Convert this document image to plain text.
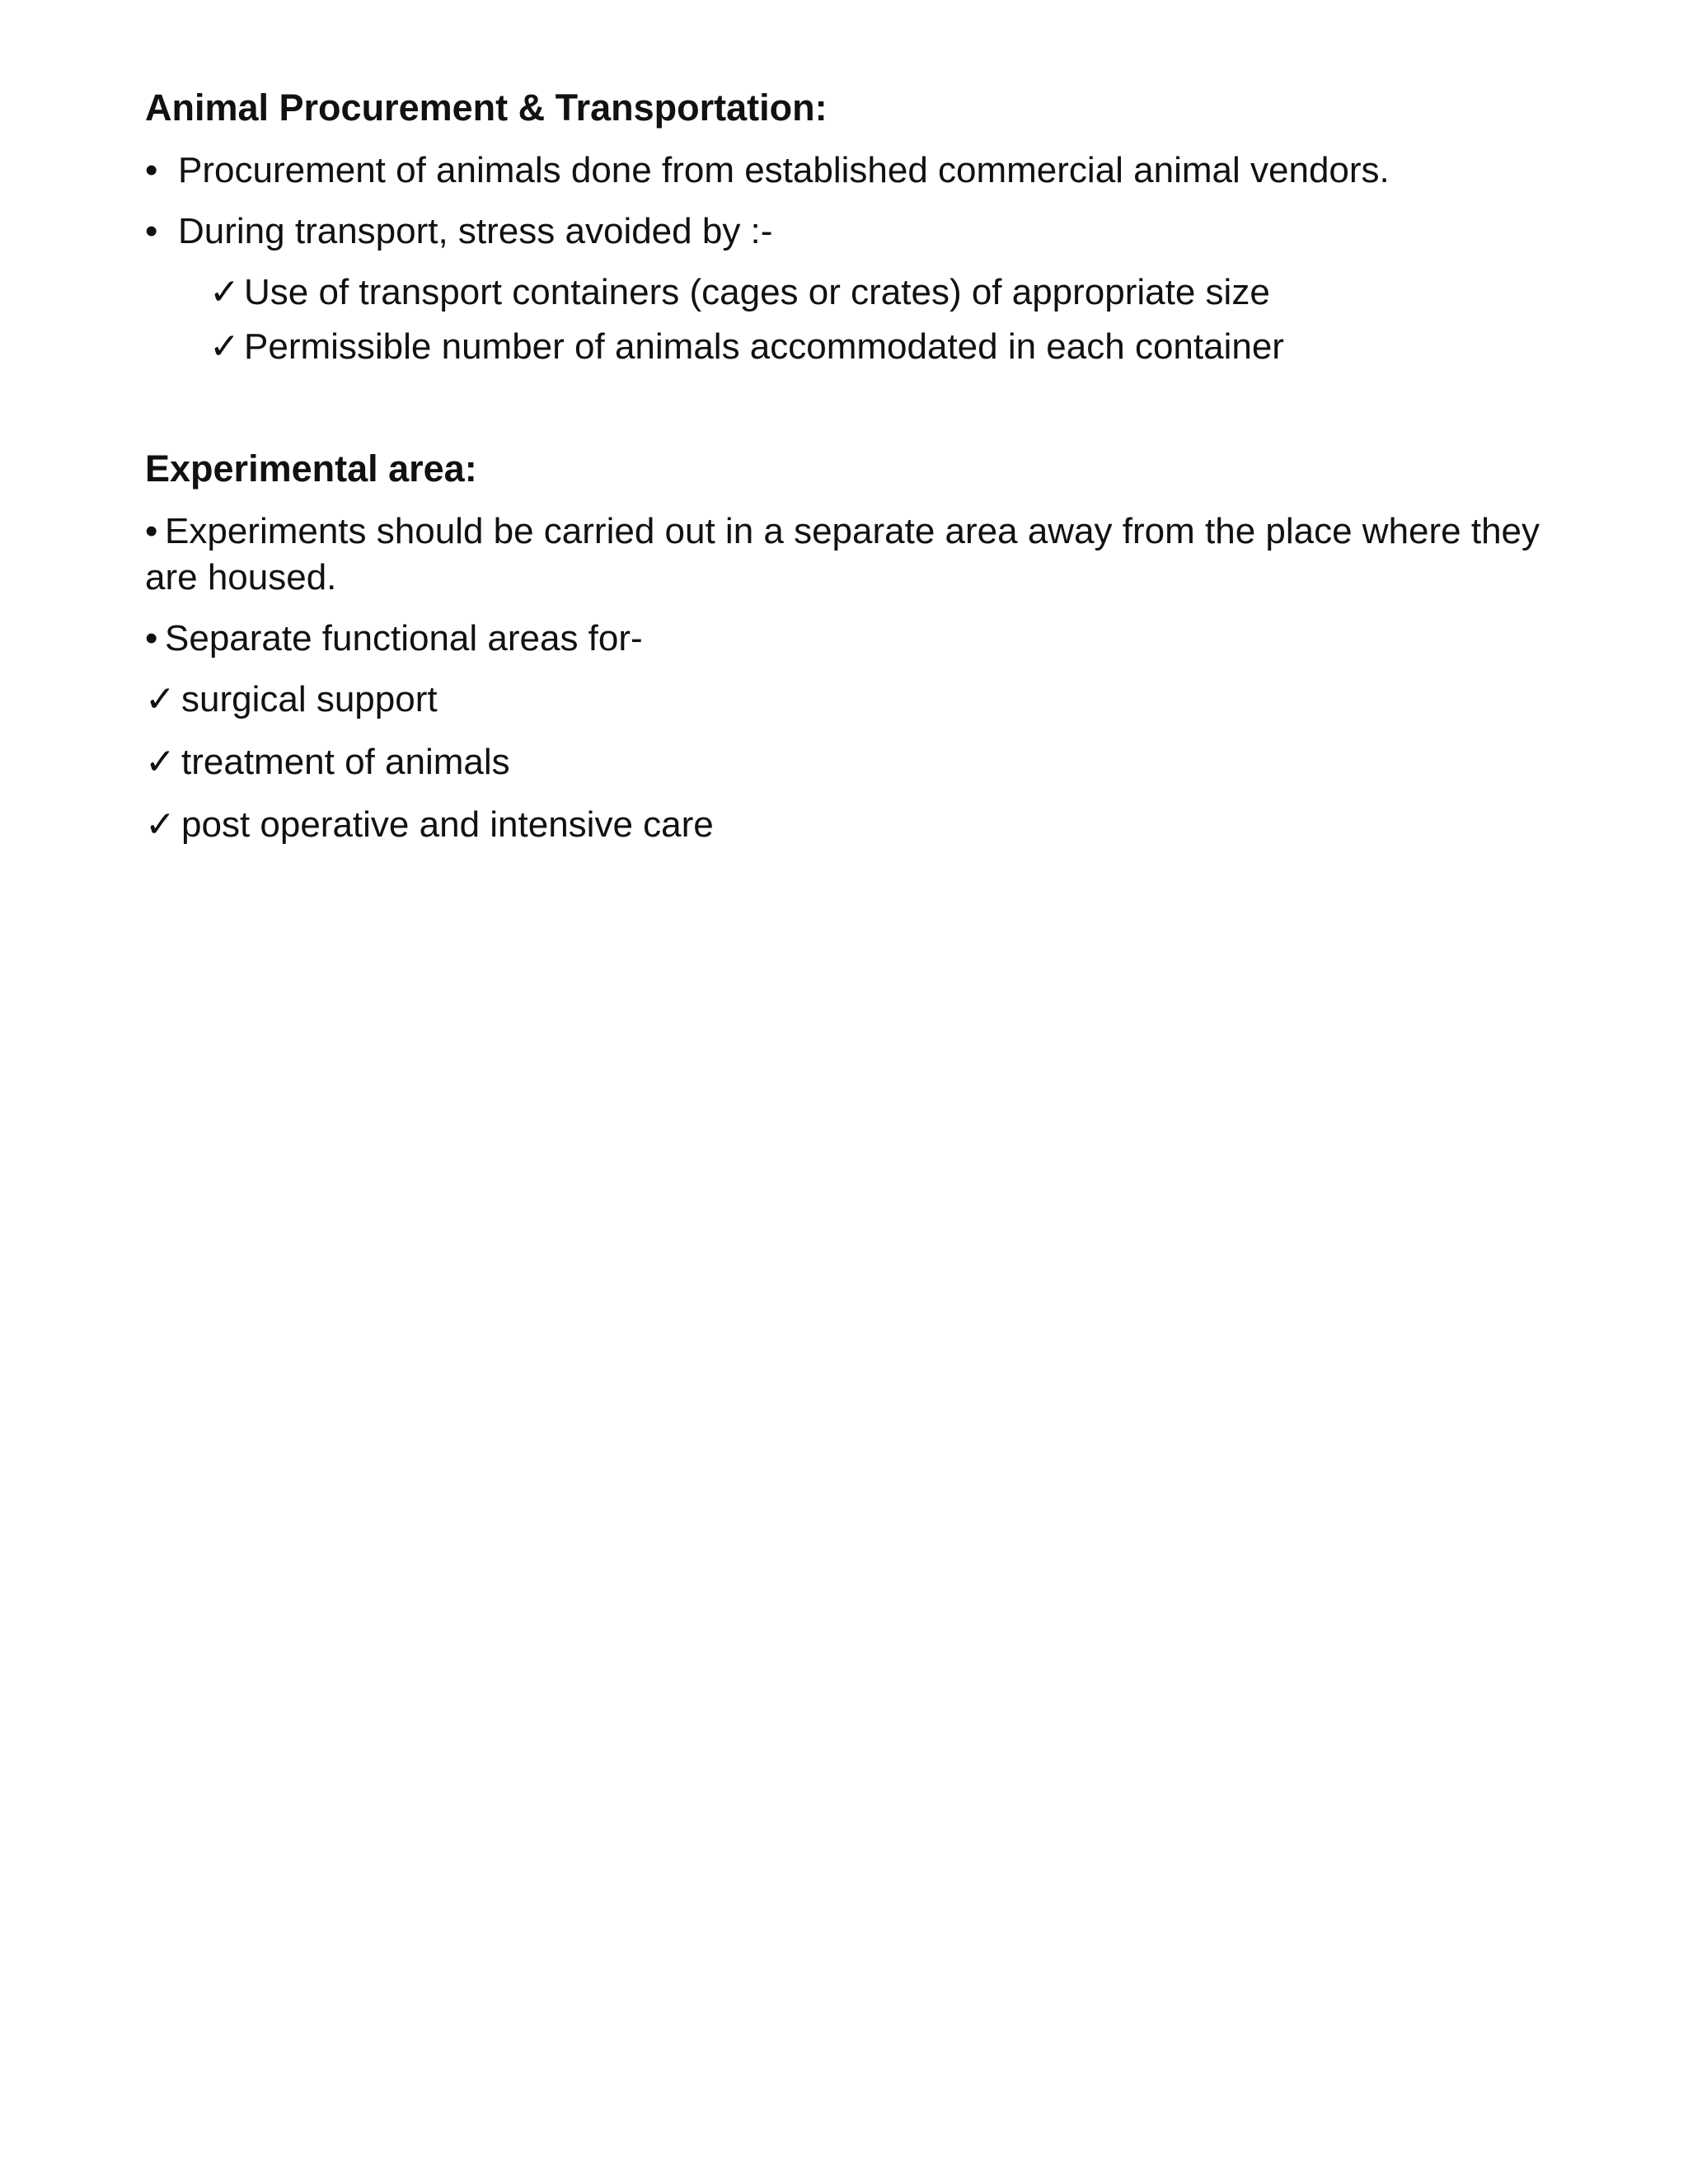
Animal Procurement & Transportation:
• Procurement of animals done from established commercial animal vendors.
• During transport, stress avoided by :-
✓ Use of transport containers (cages or crates) of appropriate size
✓ Permissible number of animals accommodated in each container
Experimental area:
• Experiments should be carried out in a separate area away from the place where they are housed.
• Separate functional areas for-
✓ surgical support
✓ treatment of animals
✓ post operative and intensive care
